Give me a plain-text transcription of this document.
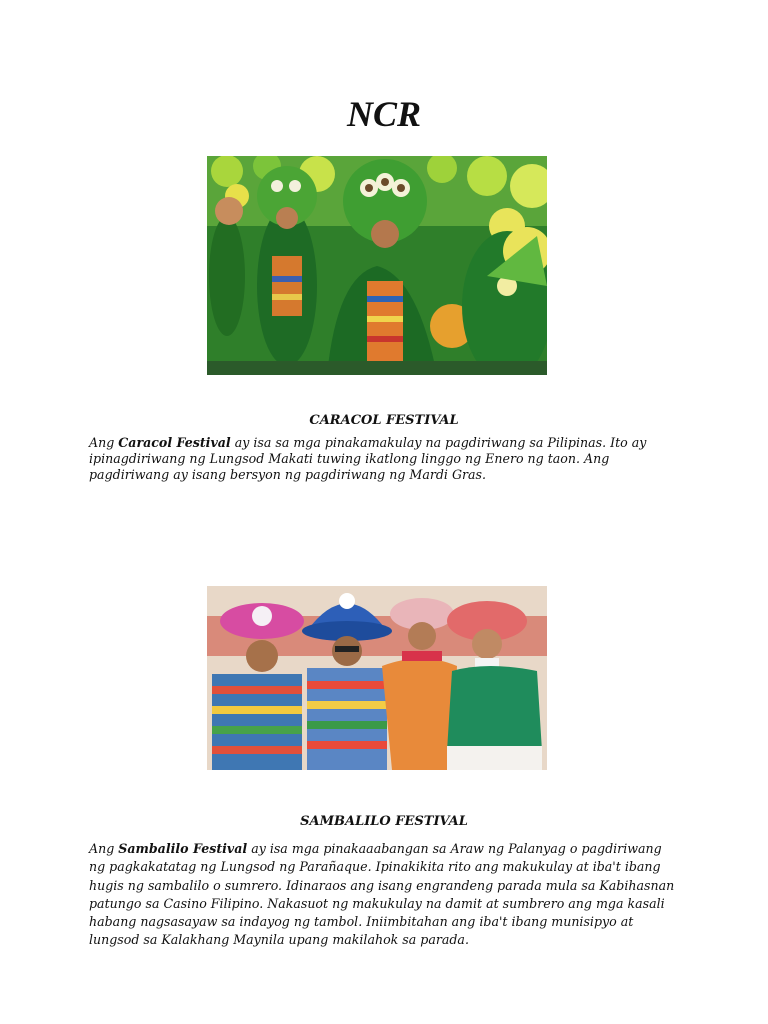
NCR
CARACOL FESTIVAL

Ang Caracol Festival ay isa sa mga pinakamakulay na pagdiriwang sa Pilipinas. Ito ay ipinagdiriwang ng Lungsod Makati tuwing ikatlong linggo ng Enero ng taon. Ang pagdiriwang ay isang bersyon ng pagdiriwang ng Mardi Gras.

SAMBALILO FESTIVAL

Ang Sambalilo Festival ay isa mga pinakaaabangan sa Araw ng Palanyag o pagdiriwang ng pagkakatatag ng Lungsod ng Parañaque. Ipinakikita rito ang makukulay at iba't ibang hugis ng sambalilo o sumrero. Idinaraos ang isang engrandeng parada mula sa Kabihasnan patungo sa Casino Filipino. Nakasuot ng makukulay na damit at sumbrero ang mga kasali habang nagsasayaw sa indayog ng tambol. Iniimbitahan ang iba't ibang munisipyo at lungsod sa Kalakhang Maynila upang makilahok sa parada.
